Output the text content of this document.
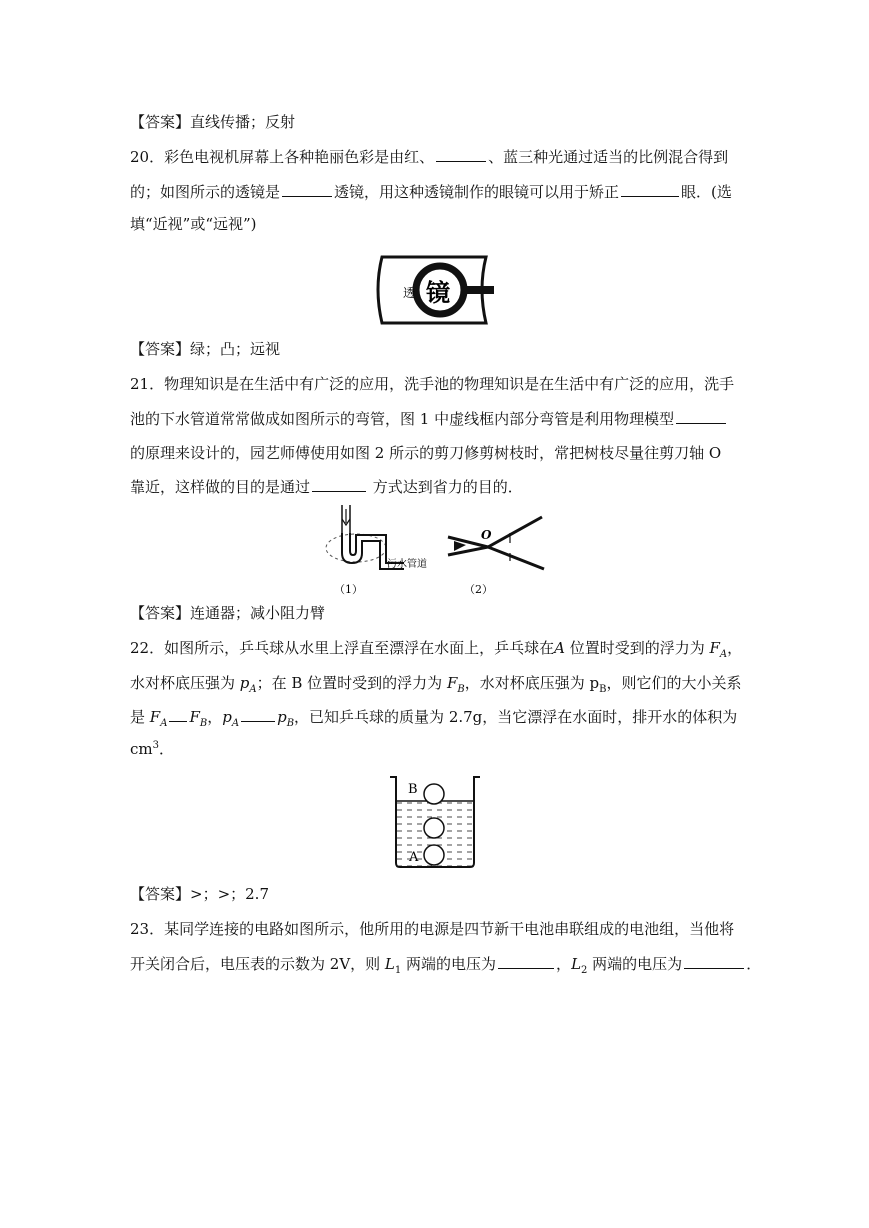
【答案】直线传播；反射
20．彩色电视机屏幕上各种艳丽色彩是由红、	、蓝三种光通过适当的比例混合得到
的；如图所示的透镜是	透镜，用这种透镜制作的眼镜可以用于矫正	眼．(选
填“近视”或“远视”)
透 镜
【答案】绿；凸；远视
21．物理知识是在生活中有广泛的应用，洗手池的物理知识是在生活中有广泛的应用，洗手
池的下水管道常常做成如图所示的弯管，图 1 中虚线框内部分弯管是利用物理模型
的原理来设计的，园艺师傅使用如图 2 所示的剪刀修剪树枝时，常把树枝尽量往剪刀轴 O
靠近，这样做的目的是通过	方式达到省力的目的．
污水管道
（1）
O
（2）
【答案】连通器；减小阻力臂
22．如图所示，乒乓球从水里上浮直至漂浮在水面上，乒乓球在A 位置时受到的浮力为 $F_A$，
水对杯底压强为 $p_A$；在 B 位置时受到的浮力为 $F_B$，水对杯底压强为 $p_B$，则它们的大小关系
是 $F_A$ $F_B$，$p_A$	$p_B$，已知乒乓球的质量为 2.7g，当它漂浮在水面时，排开水的体积为
$cm^3$．
B
A
【答案】>；>；2.7
23．某同学连接的电路如图所示，他所用的电源是四节新干电池串联组成的电池组，当他将
开关闭合后，电压表的示数为 2V，则 $L_1$ 两端的电压为	，$L_2$ 两端的电压为	．
